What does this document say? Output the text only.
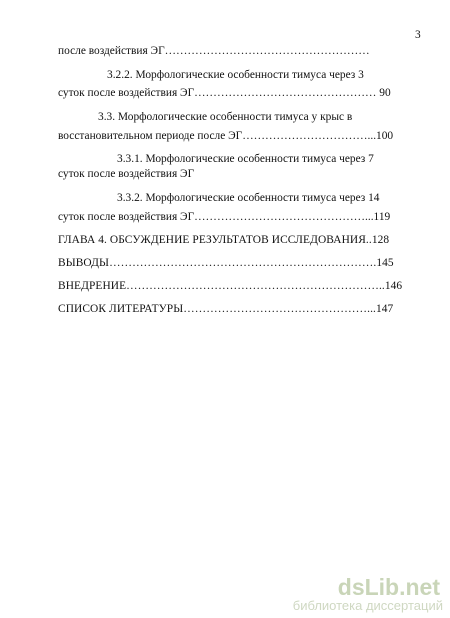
3
после воздействия ЭГ………………………………………………
3.2.2. Морфологические особенности тимуса через 3
суток после воздействия ЭГ………………………………………… 90
3.3. Морфологические особенности тимуса у крыс в
восстановительном периоде после ЭГ……………………………...100
3.3.1. Морфологические особенности тимуса через 7
суток после воздействия ЭГ
3.3.2. Морфологические особенности тимуса через 14
суток после воздействия ЭГ………………………………………...119
ГЛАВА 4. ОБСУЖДЕНИЕ РЕЗУЛЬТАТОВ ИССЛЕДОВАНИЯ..128
ВЫВОДЫ…………………………………………………………….145
ВНЕДРЕНИЕ…………………………………………………………..146
СПИСОК ЛИТЕРАТУРЫ…………………………………………...147
dsLib.net
библиотека диссертаций
